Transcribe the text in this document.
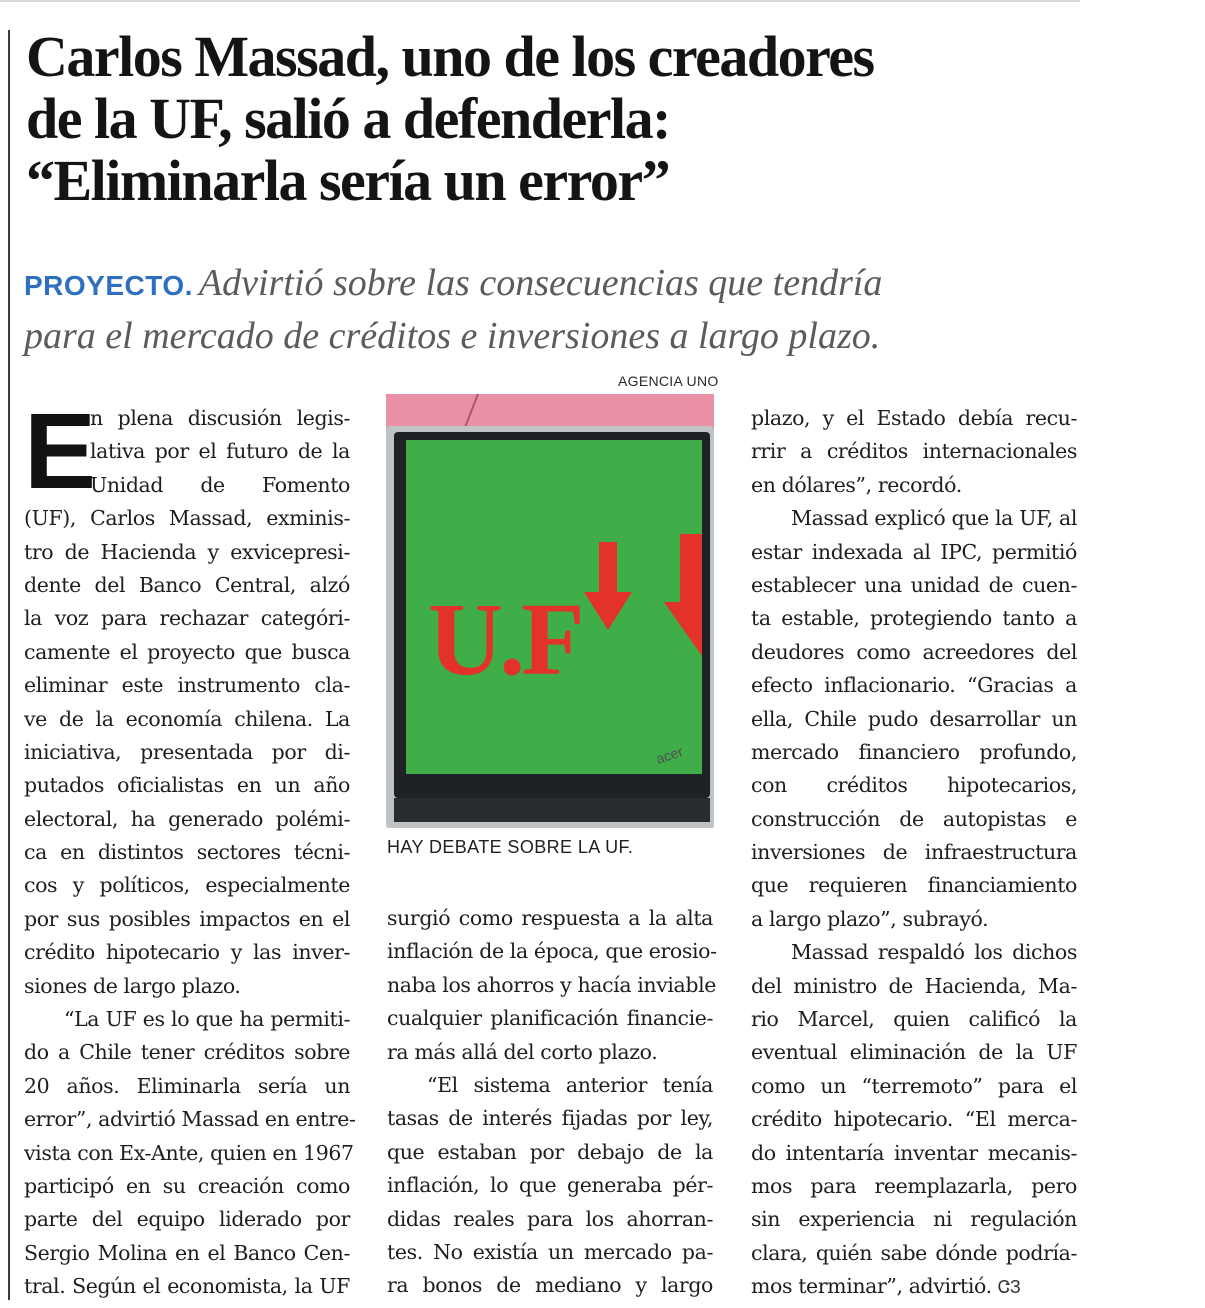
Carlos Massad, uno de los creadores
de la UF, salió a defenderla:
“Eliminarla sería un error”

PROYECTO. Advirtió sobre las consecuencias que tendría
para el mercado de créditos e inversiones a largo plazo.

E
AGENCIA UNO
U.F
acer
HAY DEBATE SOBRE LA UF.
n plena discusión legis-
lativa por el futuro de la
Unidad de Fomento
(UF), Carlos Massad, exminis-
tro de Hacienda y exvicepresi-
dente del Banco Central, alzó
la voz para rechazar categóri-
camente el proyecto que busca
eliminar este instrumento cla-
ve de la economía chilena. La
iniciativa, presentada por di-
putados oficialistas en un año
electoral, ha generado polémi-
ca en distintos sectores técni-
cos y políticos, especialmente
por sus posibles impactos en el
crédito hipotecario y las inver-
siones de largo plazo.
“La UF es lo que ha permiti-
do a Chile tener créditos sobre
20 años. Eliminarla sería un
error”, advirtió Massad en entre-
vista con Ex-Ante, quien en 1967
participó en su creación como
parte del equipo liderado por
Sergio Molina en el Banco Cen-
tral. Según el economista, la UF
surgió como respuesta a la alta
inflación de la época, que erosio-
naba los ahorros y hacía inviable
cualquier planificación financie-
ra más allá del corto plazo.
“El sistema anterior tenía
tasas de interés fijadas por ley,
que estaban por debajo de la
inflación, lo que generaba pér-
didas reales para los ahorran-
tes. No existía un mercado pa-
ra bonos de mediano y largo
plazo, y el Estado debía recu-
rrir a créditos internacionales
en dólares”, recordó.
Massad explicó que la UF, al
estar indexada al IPC, permitió
establecer una unidad de cuen-
ta estable, protegiendo tanto a
deudores como acreedores del
efecto inflacionario. “Gracias a
ella, Chile pudo desarrollar un
mercado financiero profundo,
con créditos hipotecarios,
construcción de autopistas e
inversiones de infraestructura
que requieren financiamiento
a largo plazo”, subrayó.
Massad respaldó los dichos
del ministro de Hacienda, Ma-
rio Marcel, quien calificó la
eventual eliminación de la UF
como un “terremoto” para el
crédito hipotecario. “El merca-
do intentaría inventar mecanis-
mos para reemplazarla, pero
sin experiencia ni regulación
clara, quién sabe dónde podría-
mos terminar”, advirtió. ᏣЗ
